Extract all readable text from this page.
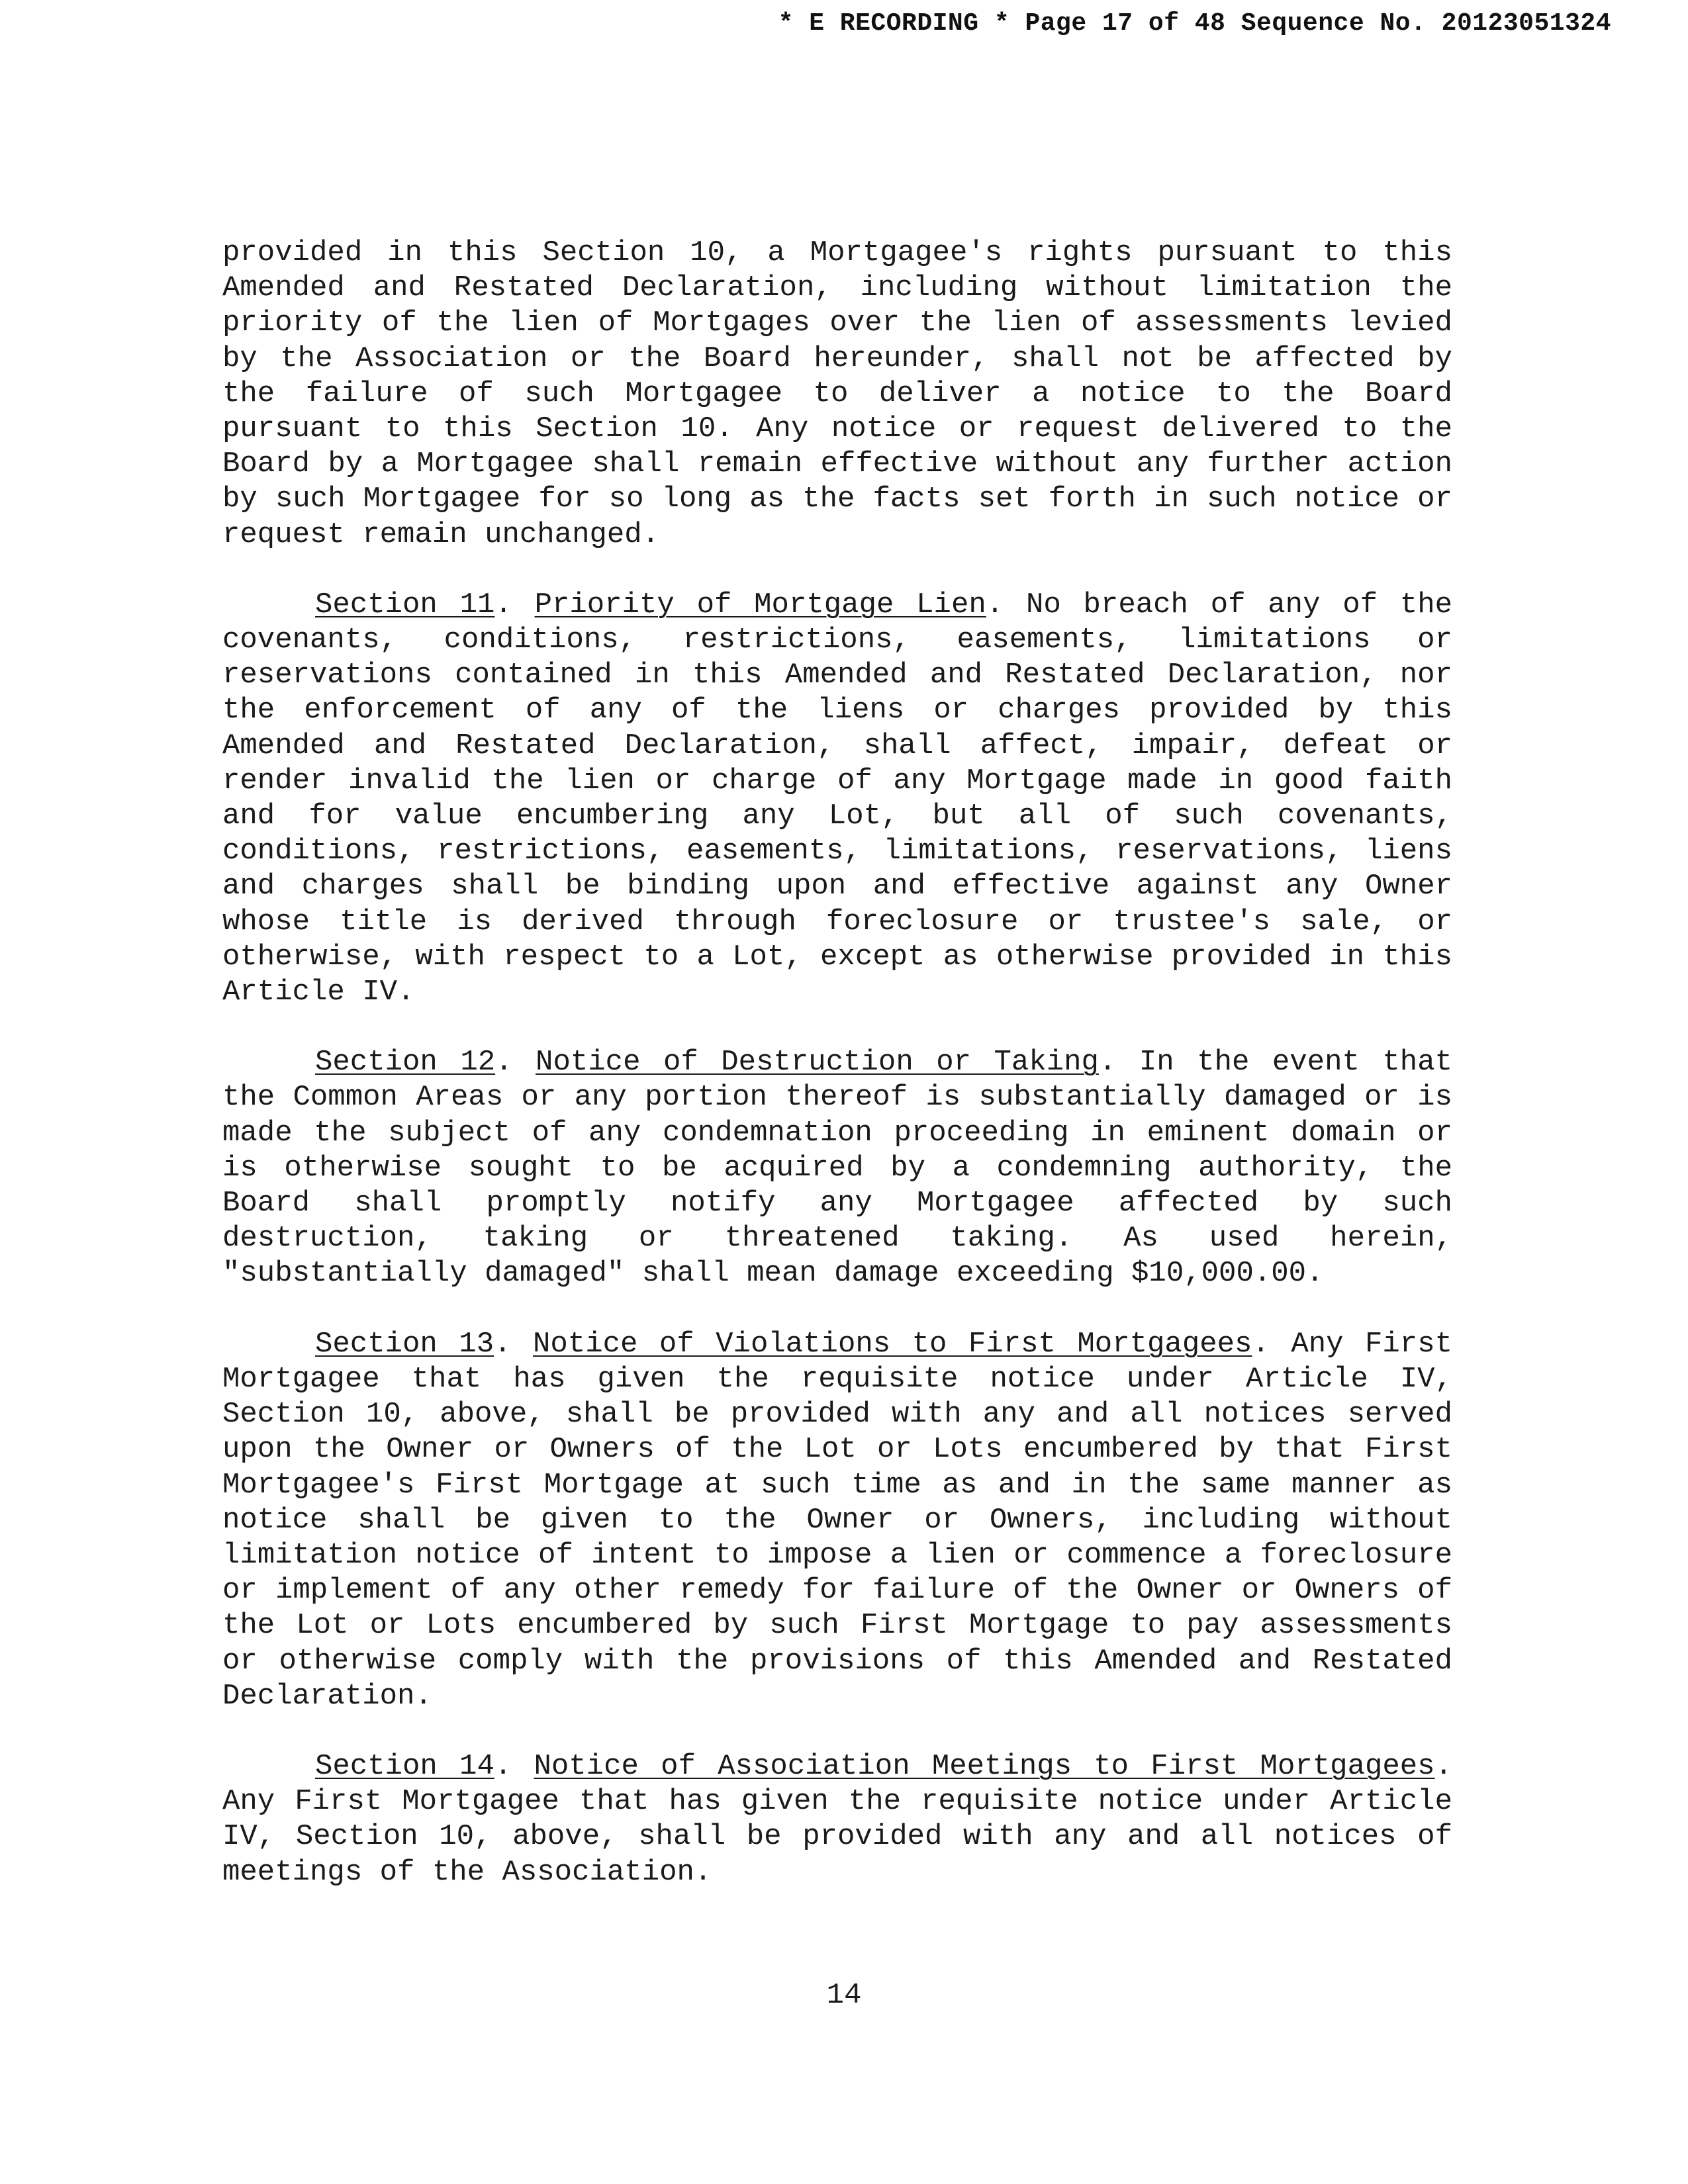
* E RECORDING * Page 17 of 48 Sequence No. 20123051324

provided in this Section 10, a Mortgagee's rights pursuant to this Amended and Restated Declaration, including without limitation the priority of the lien of Mortgages over the lien of assessments levied by the Association or the Board hereunder, shall not be affected by the failure of such Mortgagee to deliver a notice to the Board pursuant to this Section 10. Any notice or request delivered to the Board by a Mortgagee shall remain effective without any further action by such Mortgagee for so long as the facts set forth in such notice or request remain unchanged.

Section 11. Priority of Mortgage Lien. No breach of any of the covenants, conditions, restrictions, easements, limitations or reservations contained in this Amended and Restated Declaration, nor the enforcement of any of the liens or charges provided by this Amended and Restated Declaration, shall affect, impair, defeat or render invalid the lien or charge of any Mortgage made in good faith and for value encumbering any Lot, but all of such covenants, conditions, restrictions, easements, limitations, reservations, liens and charges shall be binding upon and effective against any Owner whose title is derived through foreclosure or trustee's sale, or otherwise, with respect to a Lot, except as otherwise provided in this Article IV.

Section 12. Notice of Destruction or Taking. In the event that the Common Areas or any portion thereof is substantially damaged or is made the subject of any condemnation proceeding in eminent domain or is otherwise sought to be acquired by a condemning authority, the Board shall promptly notify any Mortgagee affected by such destruction, taking or threatened taking. As used herein, "substantially damaged" shall mean damage exceeding $10,000.00.

Section 13. Notice of Violations to First Mortgagees. Any First Mortgagee that has given the requisite notice under Article IV, Section 10, above, shall be provided with any and all notices served upon the Owner or Owners of the Lot or Lots encumbered by that First Mortgagee's First Mortgage at such time as and in the same manner as notice shall be given to the Owner or Owners, including without limitation notice of intent to impose a lien or commence a foreclosure or implement of any other remedy for failure of the Owner or Owners of the Lot or Lots encumbered by such First Mortgage to pay assessments or otherwise comply with the provisions of this Amended and Restated Declaration.

Section 14. Notice of Association Meetings to First Mortgagees. Any First Mortgagee that has given the requisite notice under Article IV, Section 10, above, shall be provided with any and all notices of meetings of the Association.

14
